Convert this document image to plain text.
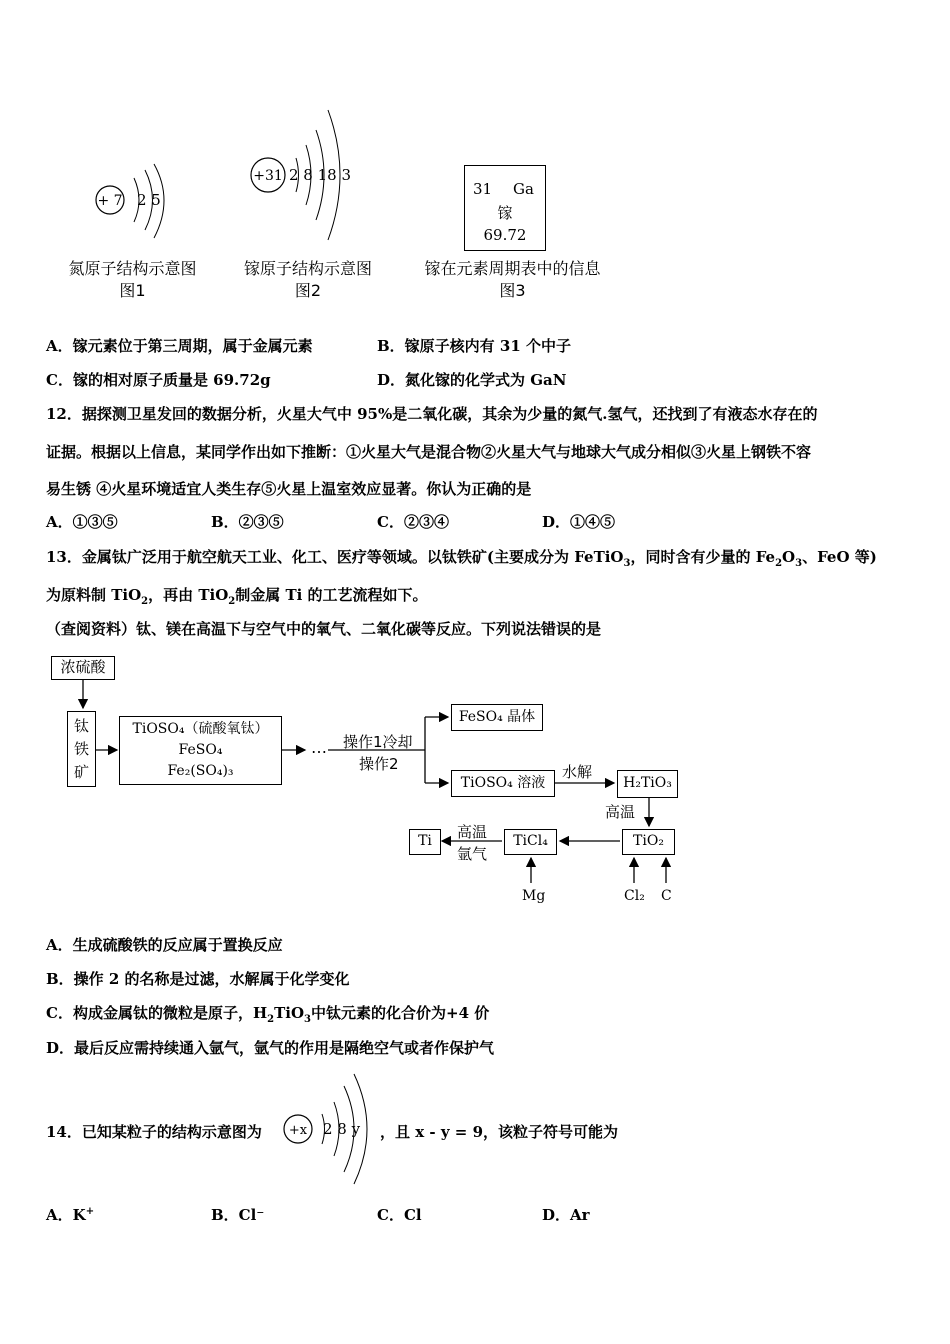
+ 7 2 5
氮原子结构示意图
图1
+31 2 8 18 3
镓原子结构示意图
图2
31 Ga
镓
69.72
镓在元素周期表中的信息
图3
A．镓元素位于第三周期，属于金属元素	B．镓原子核内有 31 个中子
C．镓的相对原子质量是 69.72g	D．氮化镓的化学式为 GaN
12．据探测卫星发回的数据分析，火星大气中 95%是二氧化碳，其余为少量的氮气.氢气，还找到了有液态水存在的
证据。根据以上信息，某同学作出如下推断：①火星大气是混合物②火星大气与地球大气成分相似③火星上钢铁不容
易生锈 ④火星环境适宜人类生存⑤火星上温室效应显著。你认为正确的是
A．①③⑤	B．②③⑤	C．②③④	D．①④⑤
13．金属钛广泛用于航空航天工业、化工、医疗等领域。以钛铁矿(主要成分为 FeTiO$_3$，同时含有少量的 $Fe_2O_3$、FeO 等)
为原料制 TiO$_2$，再由 TiO$_2$制金属 Ti 的工艺流程如下。
（查阅资料）钛、镁在高温下与空气中的氧气、二氧化碳等反应。下列说法错误的是
浓硫酸
钛铁矿
TiOSO₄（硫酸氧钛）
FeSO₄
Fe₂(SO₄)₃
… 操作1冷却
操作2
FeSO₄ 晶体
TiOSO₄ 溶液
水解
H₂TiO₃
高温
TiO₂
TiCl₄
高温
氩气
Ti
Mg	Cl₂ C
A．生成硫酸铁的反应属于置换反应
B．操作 2 的名称是过滤，水解属于化学变化
C．构成金属钛的微粒是原子，$H_2TiO_3$中钛元素的化合价为+4 价
D．最后反应需持续通入氩气，氩气的作用是隔绝空气或者作保护气
14．已知某粒子的结构示意图为 +x 2 8 y ，且 x - y = 9，该粒子符号可能为
A．K+	B．Cl⁻	C．Cl	D．Ar
